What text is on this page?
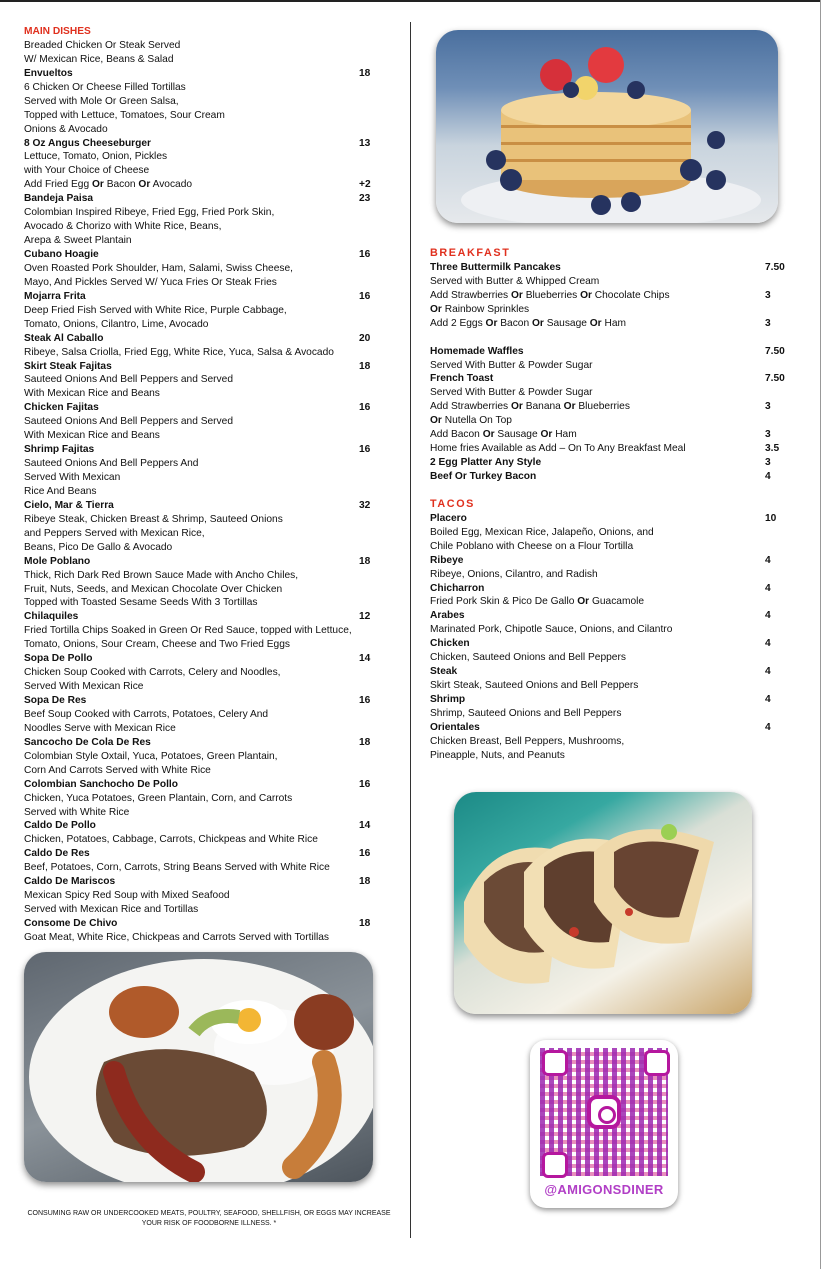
MAIN DISHES
Breaded Chicken Or Steak Served
W/ Mexican Rice, Beans & Salad
Envueltos	18
6 Chicken Or Cheese Filled Tortillas
Served with Mole Or Green Salsa,
Topped with Lettuce, Tomatoes, Sour Cream
Onions & Avocado
8 Oz Angus Cheeseburger	13
Lettuce, Tomato, Onion, Pickles
with Your Choice of Cheese
Add Fried Egg Or Bacon Or Avocado	+2
Bandeja Paisa	23
Colombian Inspired Ribeye, Fried Egg, Fried Pork Skin,
Avocado & Chorizo with White Rice, Beans,
Arepa & Sweet Plantain
Cubano Hoagie	16
Oven Roasted Pork Shoulder, Ham, Salami, Swiss Cheese,
Mayo, And Pickles Served W/ Yuca Fries Or Steak Fries
Mojarra Frita	16
Deep Fried Fish Served with White Rice, Purple Cabbage,
Tomato, Onions, Cilantro, Lime, Avocado
Steak Al Caballo	20
Ribeye, Salsa Criolla, Fried Egg, White Rice, Yuca, Salsa & Avocado
Skirt Steak Fajitas	18
Sauteed Onions And Bell Peppers and Served
With Mexican Rice and Beans
Chicken Fajitas	16
Sauteed Onions And Bell Peppers and Served
With Mexican Rice and Beans
Shrimp Fajitas	16
Sauteed Onions And Bell Peppers And
Served With Mexican
Rice And Beans
Cielo, Mar & Tierra	32
Ribeye Steak, Chicken Breast & Shrimp, Sauteed Onions
and Peppers Served with Mexican Rice,
Beans, Pico De Gallo & Avocado
Mole Poblano	18
Thick, Rich Dark Red Brown Sauce Made with Ancho Chiles,
Fruit, Nuts, Seeds, and Mexican Chocolate Over Chicken
Topped with Toasted Sesame Seeds With 3 Tortillas
Chilaquiles	12
Fried Tortilla Chips Soaked in Green Or Red Sauce, topped with Lettuce,
Tomato, Onions, Sour Cream, Cheese and Two Fried Eggs
Sopa De Pollo	14
Chicken Soup Cooked with Carrots, Celery and Noodles,
Served With Mexican Rice
Sopa De Res	16
Beef Soup Cooked with Carrots, Potatoes, Celery And
Noodles Serve with Mexican Rice
Sancocho De Cola De Res	18
Colombian Style Oxtail, Yuca, Potatoes, Green Plantain,
Corn And Carrots Served with White Rice
Colombian Sanchocho De Pollo	16
Chicken, Yuca Potatoes, Green Plantain, Corn, and Carrots
Served with White Rice
Caldo De Pollo	14
Chicken, Potatoes, Cabbage, Carrots, Chickpeas and White Rice
Caldo De Res	16
Beef, Potatoes, Corn, Carrots, String Beans Served with White Rice
Caldo De Mariscos	18
Mexican Spicy Red Soup with Mixed Seafood
Served with Mexican Rice and Tortillas
Consome De Chivo	18
Goat Meat, White Rice, Chickpeas and Carrots Served with Tortillas
BREAKFAST
Three Buttermilk Pancakes	7.50
Served with Butter & Whipped Cream
Add Strawberries Or Blueberries Or Chocolate Chips	3
Or Rainbow Sprinkles
Add 2 Eggs Or Bacon Or Sausage Or Ham	3
Homemade Waffles	7.50
Served With Butter & Powder Sugar
French Toast	7.50
Served With Butter & Powder Sugar
Add Strawberries Or Banana Or Blueberries	3
Or Nutella On Top
Add Bacon Or Sausage Or Ham	3
Home fries Available as Add – On To Any Breakfast Meal	3.5
2 Egg Platter Any Style	3
Beef Or Turkey Bacon	4
TACOS
Placero	10
Boiled Egg, Mexican Rice, Jalapeño, Onions, and
Chile Poblano with Cheese on a Flour Tortilla
Ribeye	4
Ribeye, Onions, Cilantro, and Radish
Chicharron	4
Fried Pork Skin & Pico De Gallo Or Guacamole
Arabes	4
Marinated Pork, Chipotle Sauce, Onions, and Cilantro
Chicken	4
Chicken, Sauteed Onions and Bell Peppers
Steak	4
Skirt Steak, Sauteed Onions and Bell Peppers
Shrimp	4
Shrimp, Sauteed Onions and Bell Peppers
Orientales	4
Chicken Breast, Bell Peppers, Mushrooms,
Pineapple, Nuts, and Peanuts
@AMIGONSDINER
CONSUMING RAW OR UNDERCOOKED MEATS, POULTRY, SEAFOOD, SHELLFISH, OR EGGS MAY INCREASE YOUR RISK OF FOODBORNE ILLNESS. *
